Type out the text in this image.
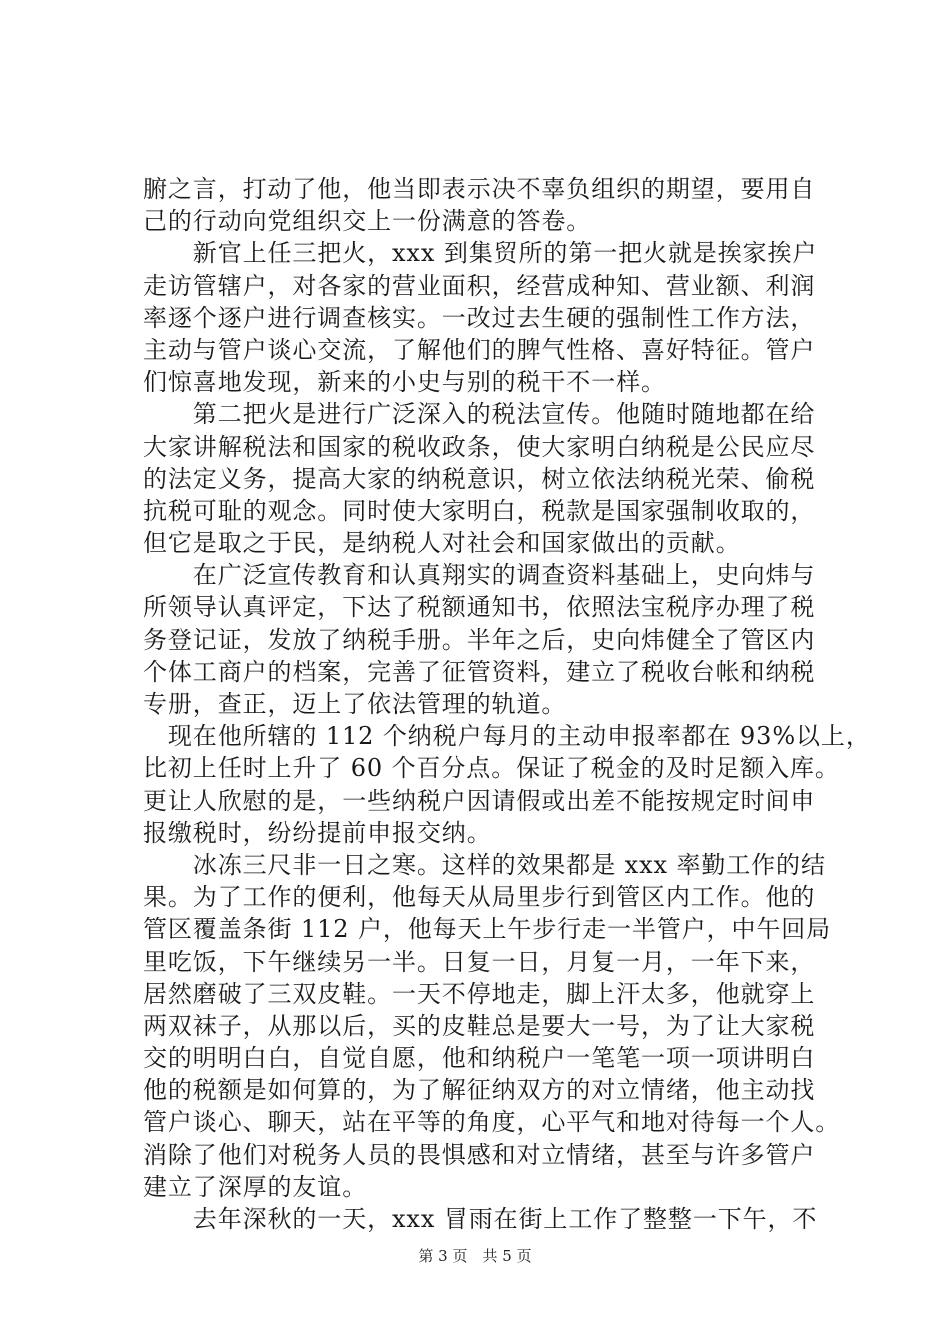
腑之言，打动了他，他当即表示决不辜负组织的期望，要用自
己的行动向党组织交上一份满意的答卷。
　　新官上任三把火，xxx 到集贸所的第一把火就是挨家挨户
走访管辖户，对各家的营业面积，经营成种知、营业额、利润
率逐个逐户进行调查核实。一改过去生硬的强制性工作方法，
主动与管户谈心交流，了解他们的脾气性格、喜好特征。管户
们惊喜地发现，新来的小史与别的税干不一样。
　　第二把火是进行广泛深入的税法宣传。他随时随地都在给
大家讲解税法和国家的税收政条，使大家明白纳税是公民应尽
的法定义务，提高大家的纳税意识，树立依法纳税光荣、偷税
抗税可耻的观念。同时使大家明白，税款是国家强制收取的，
但它是取之于民，是纳税人对社会和国家做出的贡献。
　　在广泛宣传教育和认真翔实的调查资料基础上，史向炜与
所领导认真评定，下达了税额通知书，依照法宝税序办理了税
务登记证，发放了纳税手册。半年之后，史向炜健全了管区内
个体工商户的档案，完善了征管资料，建立了税收台帐和纳税
专册，查正，迈上了依法管理的轨道。
　现在他所辖的 112 个纳税户每月的主动申报率都在 93%以上，
比初上任时上升了 60 个百分点。保证了税金的及时足额入库。
更让人欣慰的是，一些纳税户因请假或出差不能按规定时间申
报缴税时，纷纷提前申报交纳。
　　冰冻三尺非一日之寒。这样的效果都是 xxx 率勤工作的结
果。为了工作的便利，他每天从局里步行到管区内工作。他的
管区覆盖条街 112 户，他每天上午步行走一半管户，中午回局
里吃饭，下午继续另一半。日复一日，月复一月，一年下来，
居然磨破了三双皮鞋。一天不停地走，脚上汗太多，他就穿上
两双袜子，从那以后，买的皮鞋总是要大一号，为了让大家税
交的明明白白，自觉自愿，他和纳税户一笔笔一项一项讲明白
他的税额是如何算的，为了解征纳双方的对立情绪，他主动找
管户谈心、聊天，站在平等的角度，心平气和地对待每一个人。
消除了他们对税务人员的畏惧感和对立情绪，甚至与许多管户
建立了深厚的友谊。
　　去年深秋的一天，xxx 冒雨在街上工作了整整一下午，不
第 3 页　共 5 页
